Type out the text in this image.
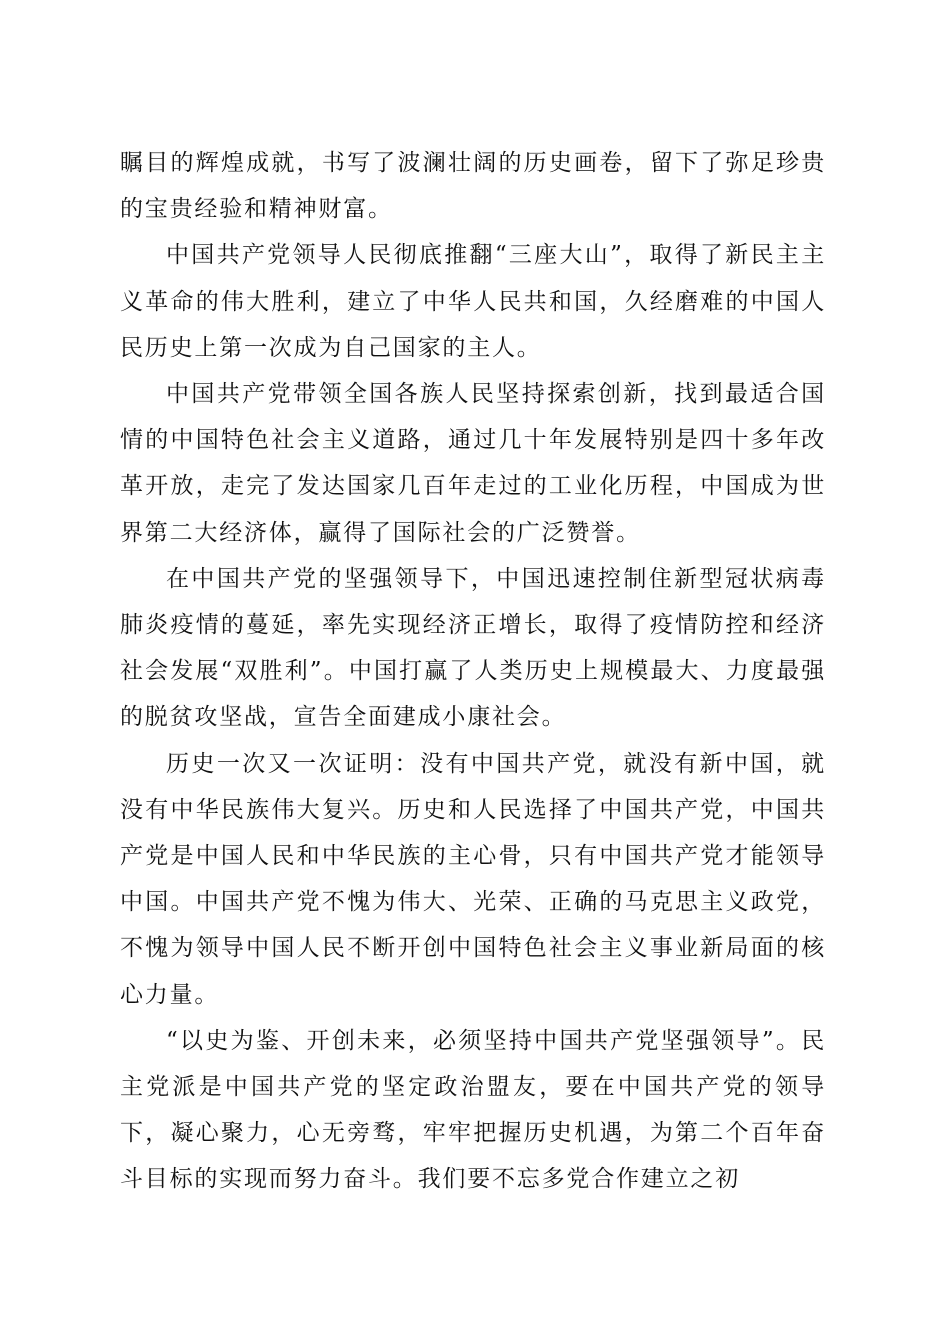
瞩目的辉煌成就，书写了波澜壮阔的历史画卷，留下了弥足珍贵的宝贵经验和精神财富。

中国共产党领导人民彻底推翻“三座大山”，取得了新民主主义革命的伟大胜利，建立了中华人民共和国，久经磨难的中国人民历史上第一次成为自己国家的主人。

中国共产党带领全国各族人民坚持探索创新，找到最适合国情的中国特色社会主义道路，通过几十年发展特别是四十多年改革开放，走完了发达国家几百年走过的工业化历程，中国成为世界第二大经济体，赢得了国际社会的广泛赞誉。

在中国共产党的坚强领导下，中国迅速控制住新型冠状病毒肺炎疫情的蔓延，率先实现经济正增长，取得了疫情防控和经济社会发展“双胜利”。中国打赢了人类历史上规模最大、力度最强的脱贫攻坚战，宣告全面建成小康社会。

历史一次又一次证明：没有中国共产党，就没有新中国，就没有中华民族伟大复兴。历史和人民选择了中国共产党，中国共产党是中国人民和中华民族的主心骨，只有中国共产党才能领导中国。中国共产党不愧为伟大、光荣、正确的马克思主义政党，不愧为领导中国人民不断开创中国特色社会主义事业新局面的核心力量。

“以史为鉴、开创未来，必须坚持中国共产党坚强领导”。民主党派是中国共产党的坚定政治盟友，要在中国共产党的领导下，凝心聚力，心无旁骛，牢牢把握历史机遇，为第二个百年奋斗目标的实现而努力奋斗。我们要不忘多党合作建立之初
